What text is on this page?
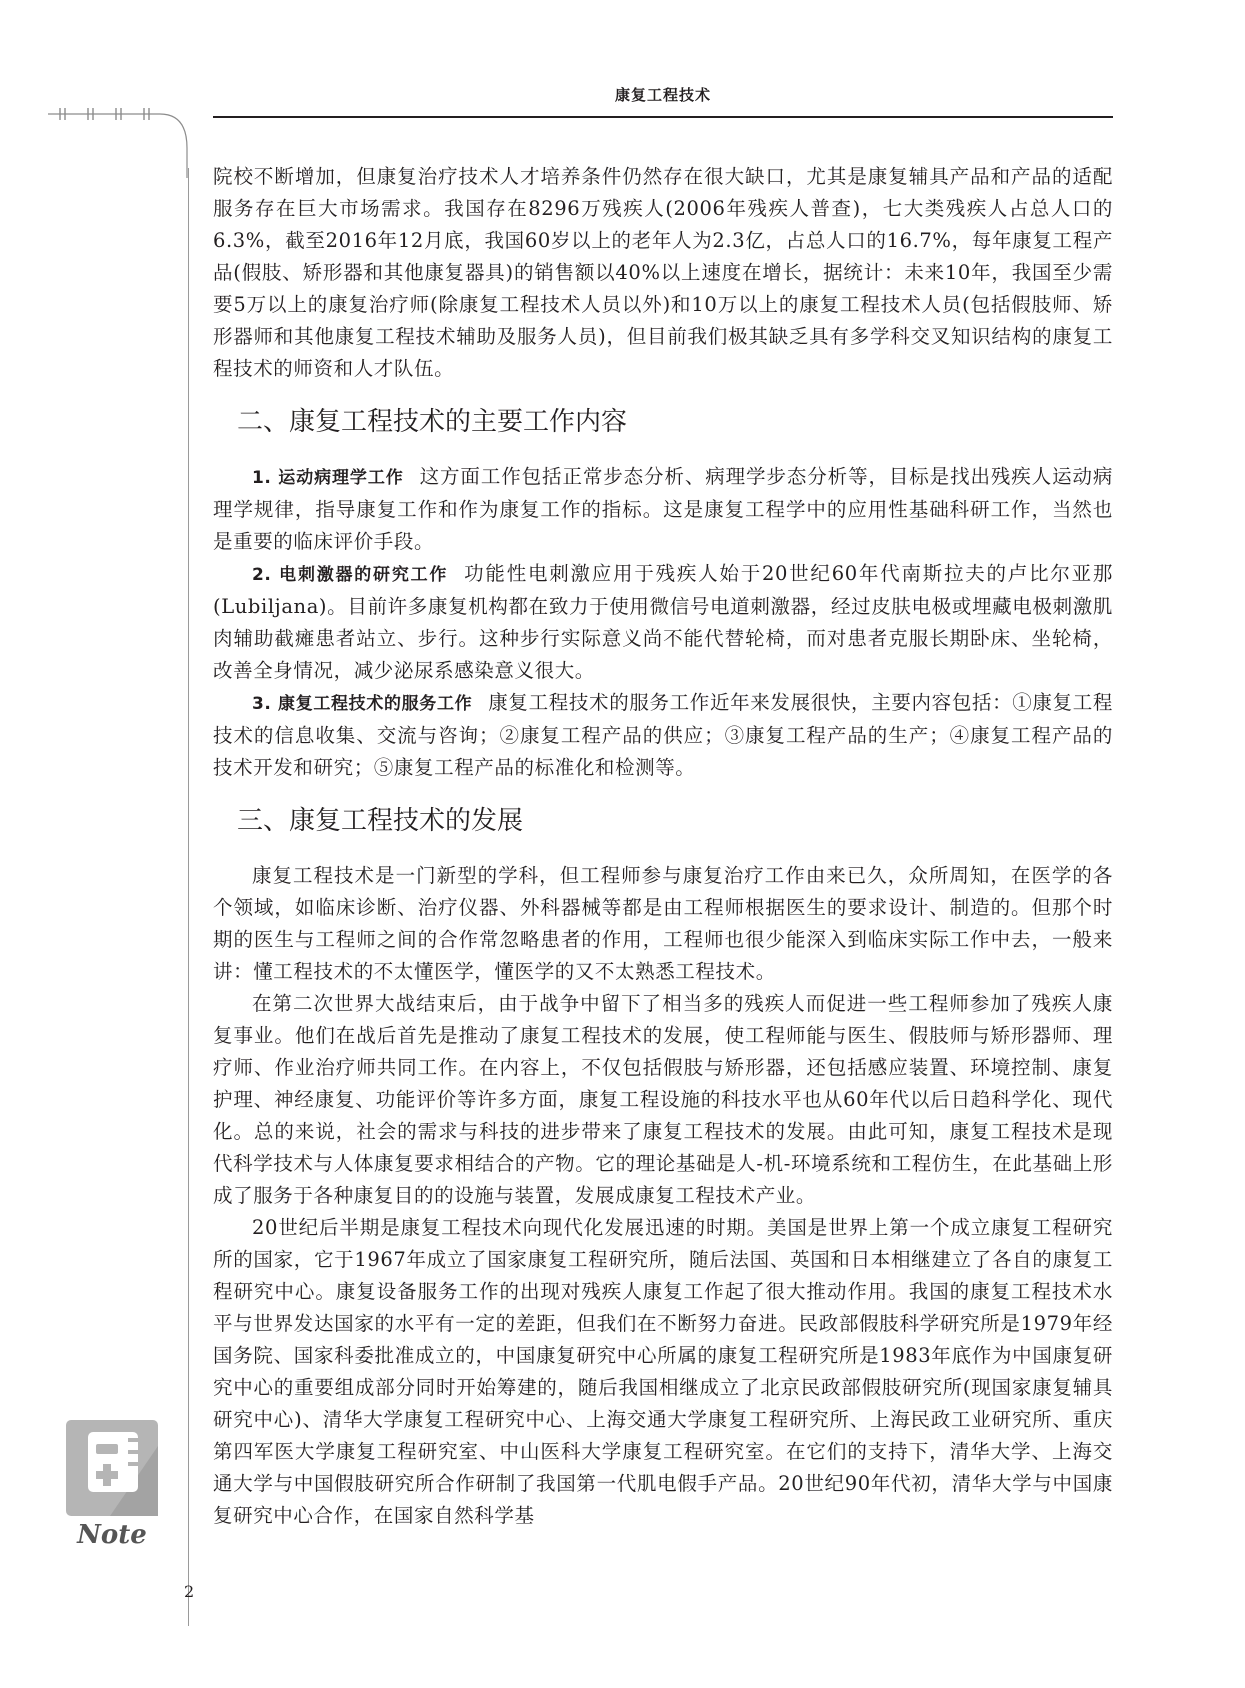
康复工程技术

院校不断增加，但康复治疗技术人才培养条件仍然存在很大缺口，尤其是康复辅具产品和产品的适配服务存在巨大市场需求。我国存在8296万残疾人(2006年残疾人普查)，七大类残疾人占总人口的6.3%，截至2016年12月底，我国60岁以上的老年人为2.3亿，占总人口的16.7%，每年康复工程产品(假肢、矫形器和其他康复器具)的销售额以40%以上速度在增长，据统计：未来10年，我国至少需要5万以上的康复治疗师(除康复工程技术人员以外)和10万以上的康复工程技术人员(包括假肢师、矫形器师和其他康复工程技术辅助及服务人员)，但目前我们极其缺乏具有多学科交叉知识结构的康复工程技术的师资和人才队伍。

二、康复工程技术的主要工作内容

1. 运动病理学工作 这方面工作包括正常步态分析、病理学步态分析等，目标是找出残疾人运动病理学规律，指导康复工作和作为康复工作的指标。这是康复工程学中的应用性基础科研工作，当然也是重要的临床评价手段。

2. 电刺激器的研究工作 功能性电刺激应用于残疾人始于20世纪60年代南斯拉夫的卢比尔亚那(Lubiljana)。目前许多康复机构都在致力于使用微信号电道刺激器，经过皮肤电极或埋藏电极刺激肌肉辅助截瘫患者站立、步行。这种步行实际意义尚不能代替轮椅，而对患者克服长期卧床、坐轮椅，改善全身情况，减少泌尿系感染意义很大。

3. 康复工程技术的服务工作 康复工程技术的服务工作近年来发展很快，主要内容包括：①康复工程技术的信息收集、交流与咨询；②康复工程产品的供应；③康复工程产品的生产；④康复工程产品的技术开发和研究；⑤康复工程产品的标准化和检测等。

三、康复工程技术的发展

康复工程技术是一门新型的学科，但工程师参与康复治疗工作由来已久，众所周知，在医学的各个领域，如临床诊断、治疗仪器、外科器械等都是由工程师根据医生的要求设计、制造的。但那个时期的医生与工程师之间的合作常忽略患者的作用，工程师也很少能深入到临床实际工作中去，一般来讲：懂工程技术的不太懂医学，懂医学的又不太熟悉工程技术。

在第二次世界大战结束后，由于战争中留下了相当多的残疾人而促进一些工程师参加了残疾人康复事业。他们在战后首先是推动了康复工程技术的发展，使工程师能与医生、假肢师与矫形器师、理疗师、作业治疗师共同工作。在内容上，不仅包括假肢与矫形器，还包括感应装置、环境控制、康复护理、神经康复、功能评价等许多方面，康复工程设施的科技水平也从60年代以后日趋科学化、现代化。总的来说，社会的需求与科技的进步带来了康复工程技术的发展。由此可知，康复工程技术是现代科学技术与人体康复要求相结合的产物。它的理论基础是人-机-环境系统和工程仿生，在此基础上形成了服务于各种康复目的的设施与装置，发展成康复工程技术产业。

20世纪后半期是康复工程技术向现代化发展迅速的时期。美国是世界上第一个成立康复工程研究所的国家，它于1967年成立了国家康复工程研究所，随后法国、英国和日本相继建立了各自的康复工程研究中心。康复设备服务工作的出现对残疾人康复工作起了很大推动作用。我国的康复工程技术水平与世界发达国家的水平有一定的差距，但我们在不断努力奋进。民政部假肢科学研究所是1979年经国务院、国家科委批准成立的，中国康复研究中心所属的康复工程研究所是1983年底作为中国康复研究中心的重要组成部分同时开始筹建的，随后我国相继成立了北京民政部假肢研究所(现国家康复辅具研究中心)、清华大学康复工程研究中心、上海交通大学康复工程研究所、上海民政工业研究所、重庆第四军医大学康复工程研究室、中山医科大学康复工程研究室。在它们的支持下，清华大学、上海交通大学与中国假肢研究所合作研制了我国第一代肌电假手产品。20世纪90年代初，清华大学与中国康复研究中心合作，在国家自然科学基

Note
2
